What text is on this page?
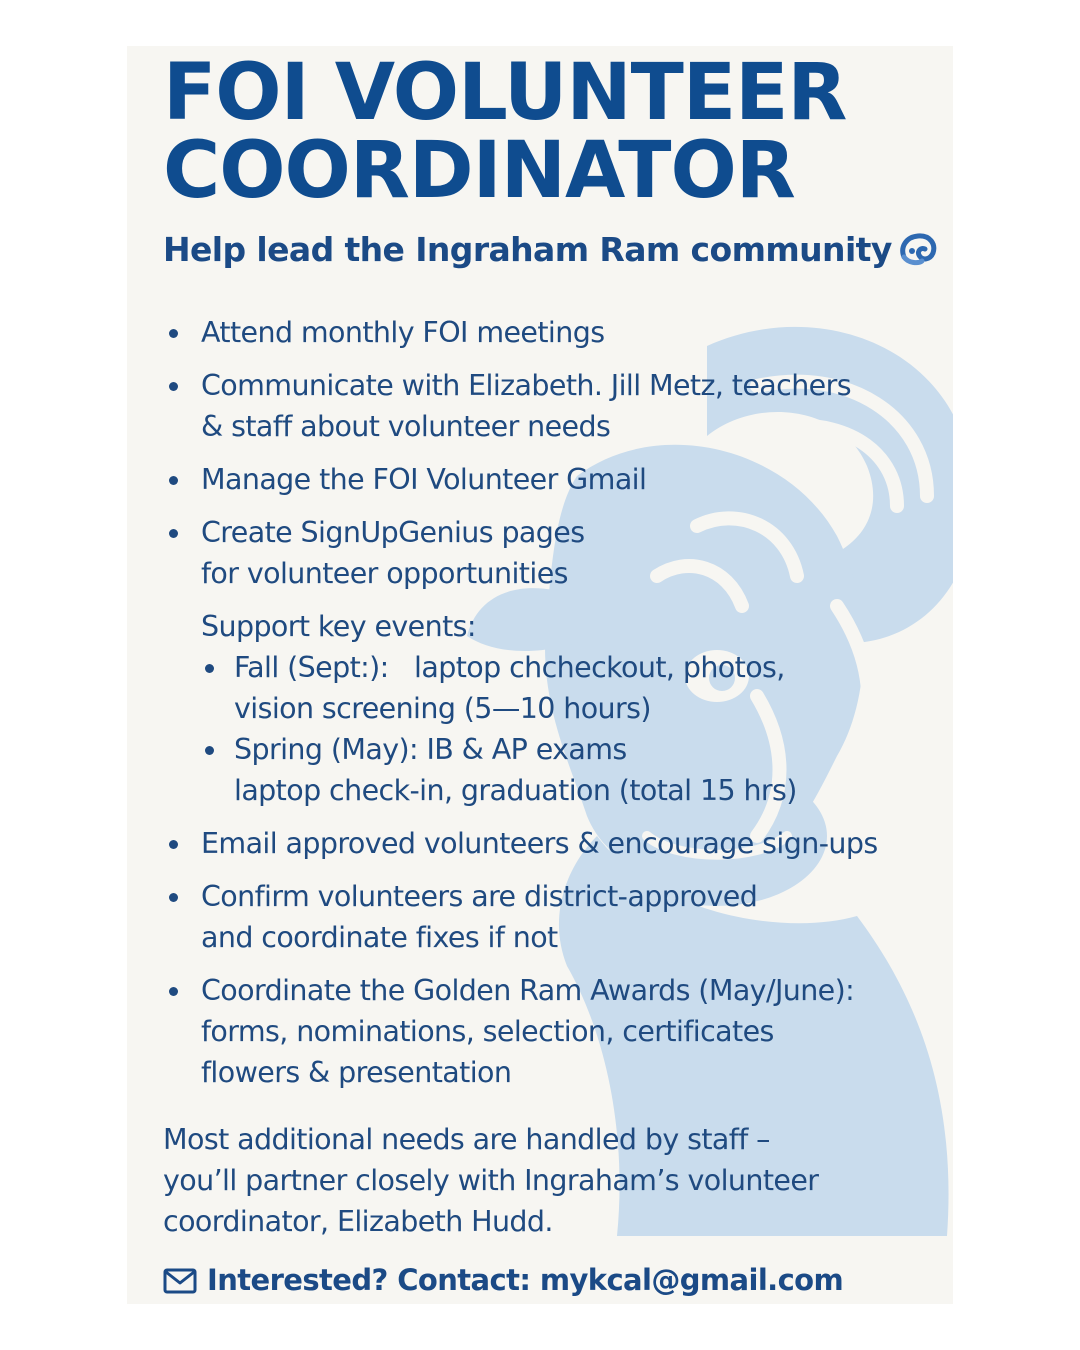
FOI VOLUNTEER
COORDINATOR
Help lead the Ingraham Ram community
Attend monthly FOI meetings
Communicate with Elizabeth. Jill Metz, teachers
& staff about volunteer needs
Manage the FOI Volunteer Gmail
Create SignUpGenius pages
for volunteer opportunities
Support key events:
Fall (Sept:):   laptop chcheckout, photos,
vision screening (5—10 hours)
Spring (May): IB & AP exams
laptop check-in, graduation (total 15 hrs)
Email approved volunteers & encourage sign-ups
Confirm volunteers are district-approved
and coordinate fixes if not
Coordinate the Golden Ram Awards (May/June):
forms, nominations, selection, certificates
flowers & presentation
Most additional needs are handled by staff –
you’ll partner closely with Ingraham’s volunteer
coordinator, Elizabeth Hudd.
Interested? Contact: mykcal@gmail.com
